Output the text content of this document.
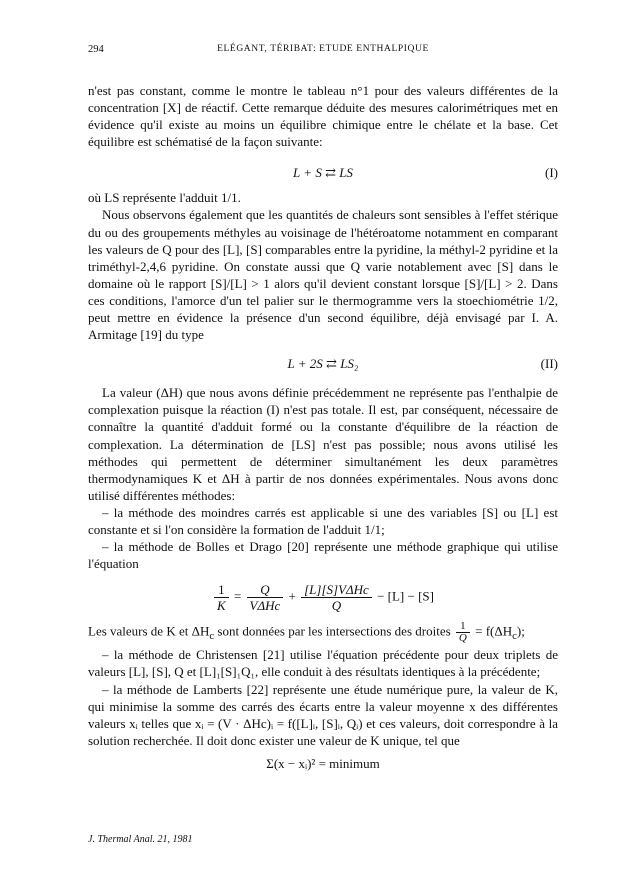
294	ELÉGANT, TÉRIBAT: ETUDE ENTHALPIQUE

n'est pas constant, comme le montre le tableau n°1 pour des valeurs différentes de la concentration [X] de réactif. Cette remarque déduite des mesures calorimétriques met en évidence qu'il existe au moins un équilibre chimique entre le chélate et la base. Cet équilibre est schématisé de la façon suivante:

L + S ⇄ LS	(I)

où LS représente l'adduit 1/1.

Nous observons également que les quantités de chaleurs sont sensibles à l'effet stérique du ou des groupements méthyles au voisinage de l'hétéroatome notamment en comparant les valeurs de Q pour des [L], [S] comparables entre la pyridine, la méthyl-2 pyridine et la triméthyl-2,4,6 pyridine. On constate aussi que Q varie notablement avec [S] dans le domaine où le rapport [S]/[L] > 1 alors qu'il devient constant lorsque [S]/[L] > 2. Dans ces conditions, l'amorce d'un tel palier sur le thermogramme vers la stoechiométrie 1/2, peut mettre en évidence la présence d'un second équilibre, déjà envisagé par I. A. Armitage [19] du type

L + 2S ⇄ LS₂	(II)

La valeur (ΔH) que nous avons définie précédemment ne représente pas l'enthalpie de complexation puisque la réaction (I) n'est pas totale. Il est, par conséquent, nécessaire de connaître la quantité d'adduit formé ou la constante d'équilibre de la réaction de complexation. La détermination de [LS] n'est pas possible; nous avons utilisé les méthodes qui permettent de déterminer simultanément les deux paramètres thermodynamiques K et ΔH à partir de nos données expérimentales. Nous avons donc utilisé différentes méthodes:

– la méthode des moindres carrés est applicable si une des variables [S] ou [L] est constante et si l'on considère la formation de l'adduit 1/1;

– la méthode de Bolles et Drago [20] représente une méthode graphique qui utilise l'équation

$\frac{1}{K} = \frac{Q}{\text{VΔHc}} + \frac{\text{[L][S]VΔHc}}{Q} - [L] - [S]$

Les valeurs de K et $\Delta H_c$ sont données par les intersections des droites $\frac{1}{Q} = f(\Delta H_c)$;

– la méthode de Christensen [21] utilise l'équation précédente pour deux triplets de valeurs [L], [S], Q et [L]₁[S]₁Q₁, elle conduit à des résultats identiques à la précédente;

– la méthode de Lamberts [22] représente une étude numérique pure, la valeur de K, qui minimise la somme des carrés des écarts entre la valeur moyenne x des différentes valeurs xᵢ telles que xᵢ = (V · ΔHc)ᵢ = f([L]ᵢ, [S]ᵢ, Qᵢ) et ces valeurs, doit correspondre à la solution recherchée. Il doit donc exister une valeur de K unique, tel que

Σ(x − xᵢ)² = minimum
J. Thermal Anal. 21, 1981
